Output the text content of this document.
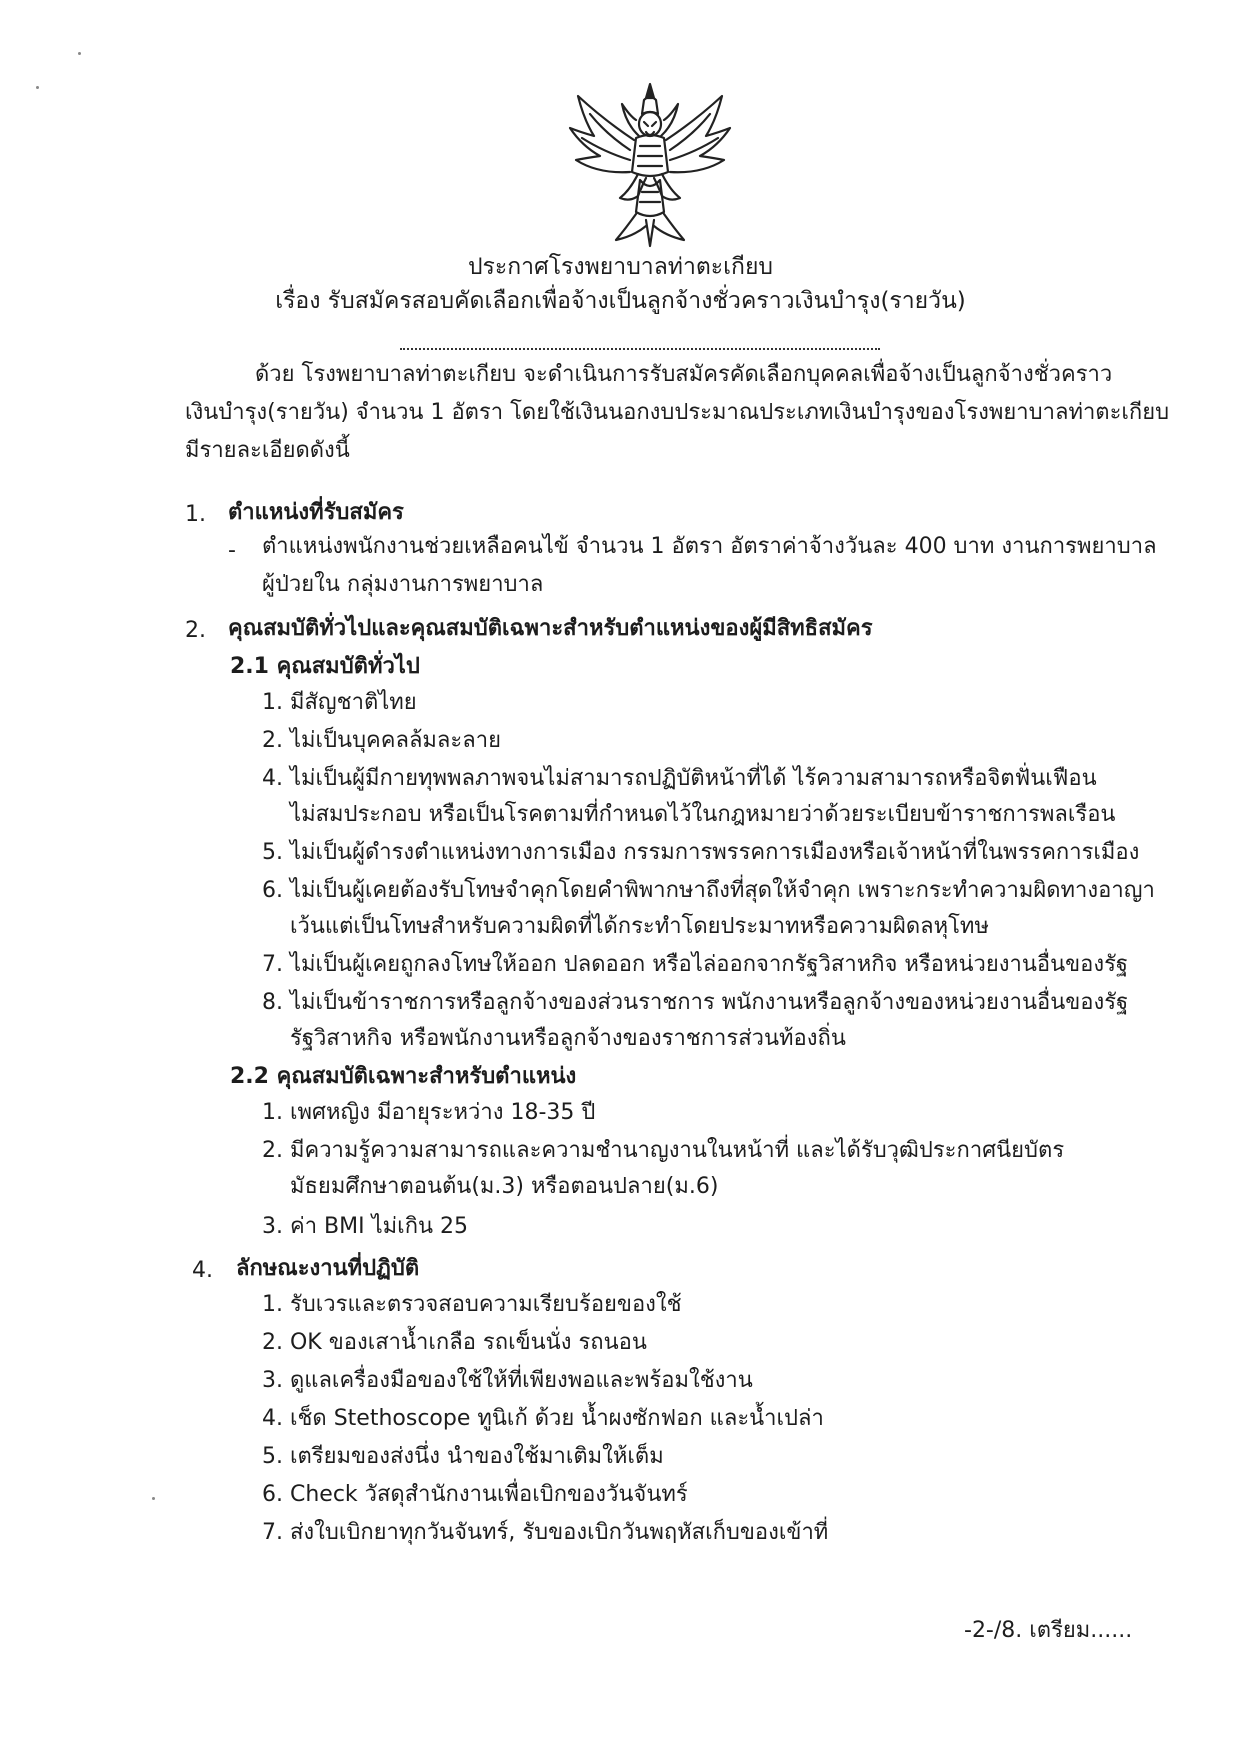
ประกาศโรงพยาบาลท่าตะเกียบ
เรื่อง รับสมัครสอบคัดเลือกเพื่อจ้างเป็นลูกจ้างชั่วคราวเงินบำรุง(รายวัน)
ด้วย โรงพยาบาลท่าตะเกียบ จะดำเนินการรับสมัครคัดเลือกบุคคลเพื่อจ้างเป็นลูกจ้างชั่วคราว
เงินบำรุง(รายวัน) จำนวน 1 อัตรา โดยใช้เงินนอกงบประมาณประเภทเงินบำรุงของโรงพยาบาลท่าตะเกียบ
มีรายละเอียดดังนี้
1. ตำแหน่งที่รับสมัคร
- ตำแหน่งพนักงานช่วยเหลือคนไข้ จำนวน 1 อัตรา อัตราค่าจ้างวันละ 400 บาท งานการพยาบาล
ผู้ป่วยใน กลุ่มงานการพยาบาล
2. คุณสมบัติทั่วไปและคุณสมบัติเฉพาะสำหรับตำแหน่งของผู้มีสิทธิสมัคร
2.1 คุณสมบัติทั่วไป
1. มีสัญชาติไทย
2. ไม่เป็นบุคคลล้มละลาย
4. ไม่เป็นผู้มีกายทุพพลภาพจนไม่สามารถปฏิบัติหน้าที่ได้ ไร้ความสามารถหรือจิตฟั่นเฟือน
ไม่สมประกอบ หรือเป็นโรคตามที่กำหนดไว้ในกฎหมายว่าด้วยระเบียบข้าราชการพลเรือน
5. ไม่เป็นผู้ดำรงตำแหน่งทางการเมือง กรรมการพรรคการเมืองหรือเจ้าหน้าที่ในพรรคการเมือง
6. ไม่เป็นผู้เคยต้องรับโทษจำคุกโดยคำพิพากษาถึงที่สุดให้จำคุก เพราะกระทำความผิดทางอาญา
เว้นแต่เป็นโทษสำหรับความผิดที่ได้กระทำโดยประมาทหรือความผิดลหุโทษ
7. ไม่เป็นผู้เคยถูกลงโทษให้ออก ปลดออก หรือไล่ออกจากรัฐวิสาหกิจ หรือหน่วยงานอื่นของรัฐ
8. ไม่เป็นข้าราชการหรือลูกจ้างของส่วนราชการ พนักงานหรือลูกจ้างของหน่วยงานอื่นของรัฐ
รัฐวิสาหกิจ หรือพนักงานหรือลูกจ้างของราชการส่วนท้องถิ่น
2.2 คุณสมบัติเฉพาะสำหรับตำแหน่ง
1. เพศหญิง มีอายุระหว่าง 18-35 ปี
2. มีความรู้ความสามารถและความชำนาญงานในหน้าที่ และได้รับวุฒิประกาศนียบัตร
มัธยมศึกษาตอนต้น(ม.3) หรือตอนปลาย(ม.6)
3. ค่า BMI ไม่เกิน 25
4. ลักษณะงานที่ปฏิบัติ
1. รับเวรและตรวจสอบความเรียบร้อยของใช้
2. OK ของเสาน้ำเกลือ รถเข็นนั่ง รถนอน
3. ดูแลเครื่องมือของใช้ให้ที่เพียงพอและพร้อมใช้งาน
4. เช็ด Stethoscope ทูนิเก้ ด้วย น้ำผงซักฟอก และน้ำเปล่า
5. เตรียมของส่งนึ่ง นำของใช้มาเติมให้เต็ม
6. Check วัสดุสำนักงานเพื่อเบิกของวันจันทร์
7. ส่งใบเบิกยาทุกวันจันทร์, รับของเบิกวันพฤหัสเก็บของเข้าที่
-2-/8. เตรียม......
